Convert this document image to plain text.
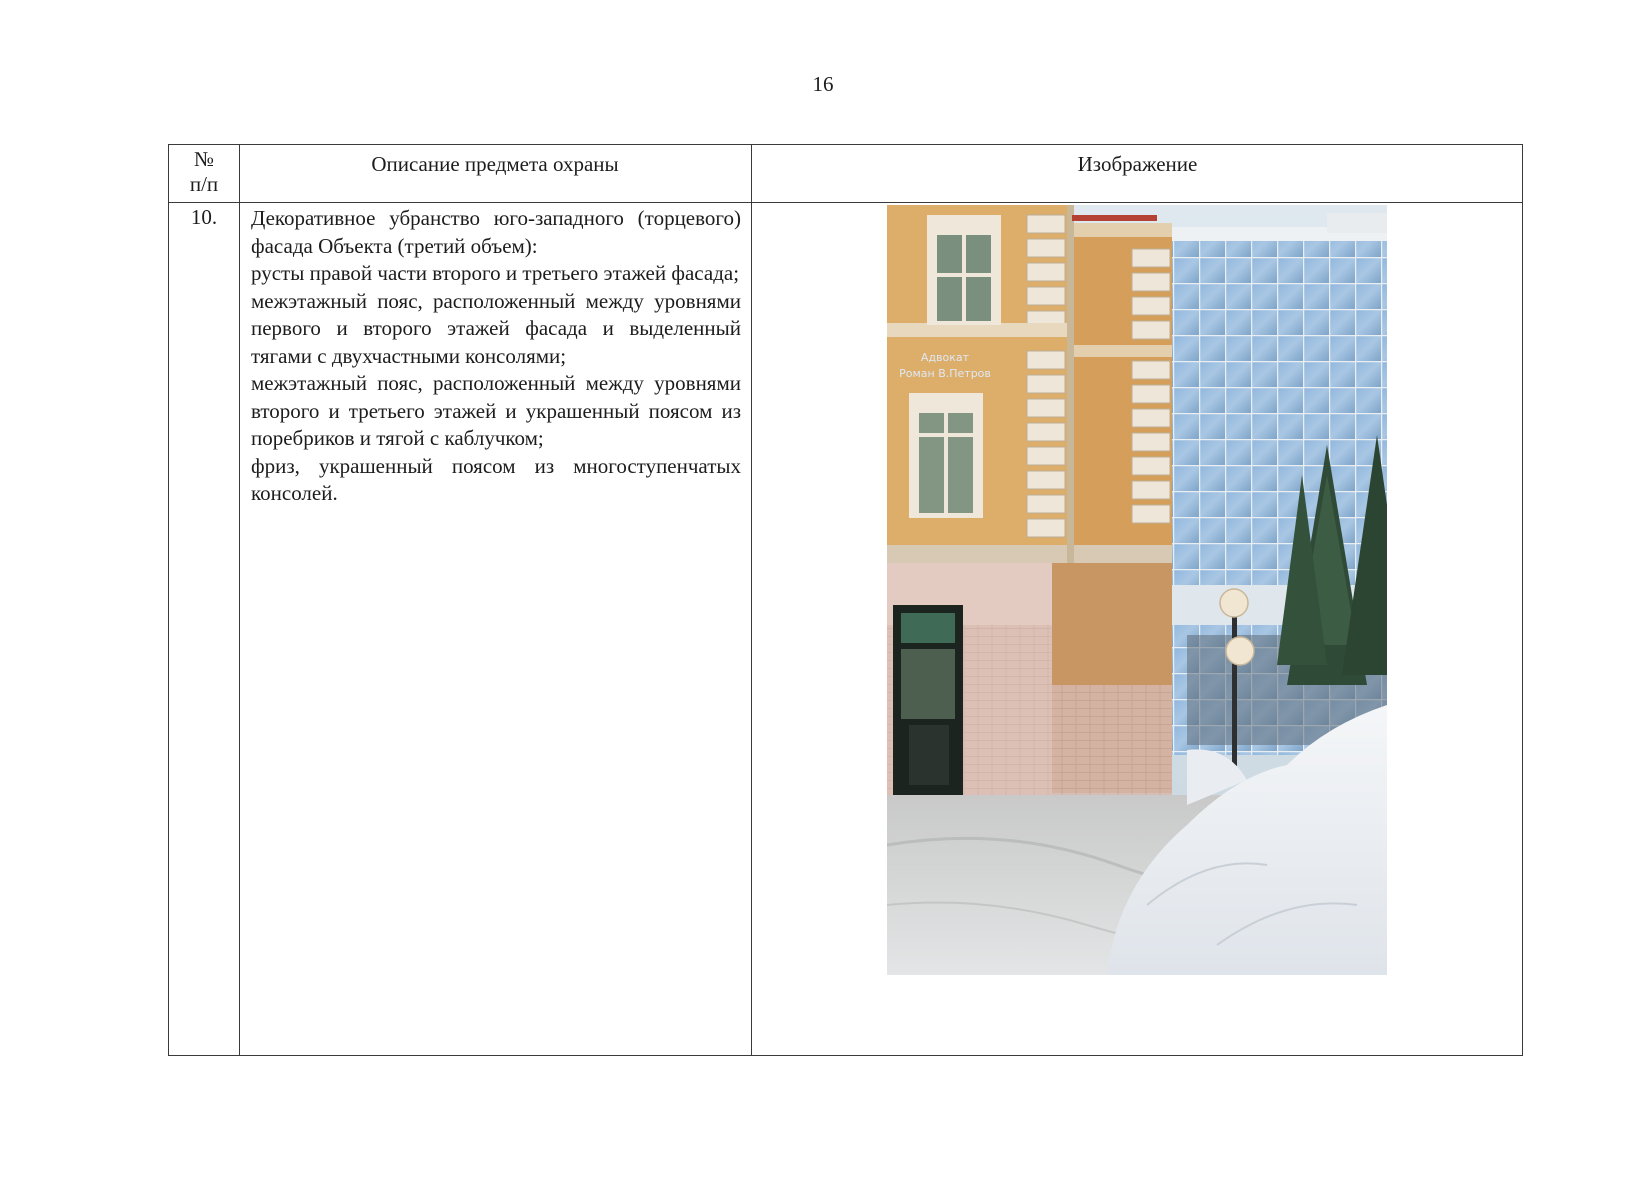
16
№
п/п
Описание предмета охраны	Изображение
10.	Декоративное убранство юго-западного (торцевого) фасада Объекта (третий объем):

русты правой части второго и третьего этажей фасада;

межэтажный пояс, расположенный между уровнями первого и второго этажей фасада и выделенный тягами с двухчастными консолями;

межэтажный пояс, расположенный между уровнями второго и третьего этажей и украшенный поясом из поребриков и тягой с каблучком;

фриз, украшенный поясом из многоступенчатых консолей.

Адвокат
Роман В.Петров
